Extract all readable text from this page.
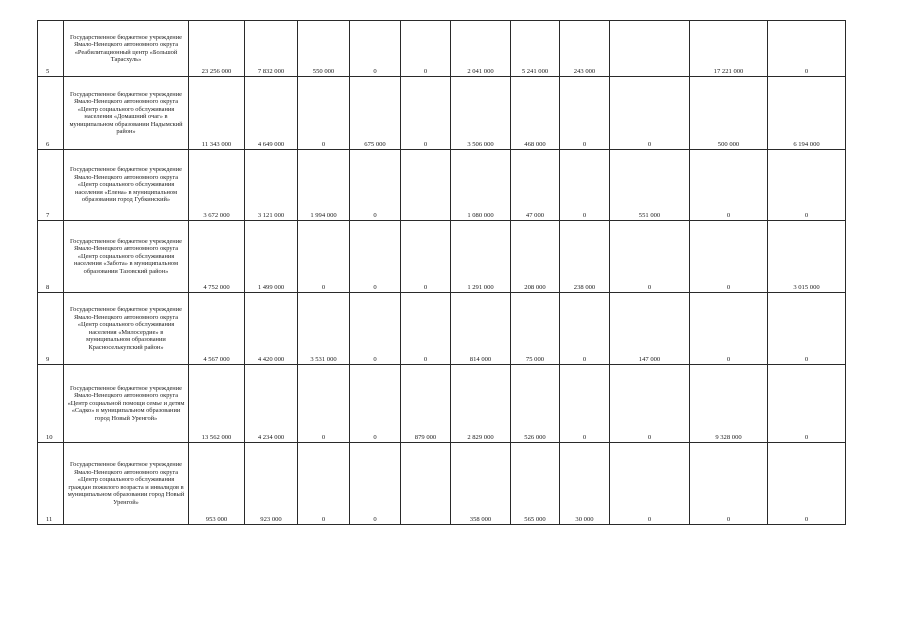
5	Государственное бюджетное учреждение Ямало-Ненецкого автономного округа «Реабилитационный центр «Большой Тарасхуль»	23 256 000	7 832 000	550 000	0	0	2 041 000	5 241 000	243 000		17 221 000	0
6	Государственное бюджетное учреждение Ямало-Ненецкого автономного округа «Центр социального обслуживания населения «Домашний очаг» в муниципальном образовании Надымский район»	11 343 000	4 649 000	0	675 000	0	3 506 000	468 000	0	0	500 000	6 194 000
7	Государственное бюджетное учреждение Ямало-Ненецкого автономного округа «Центр социального обслуживания населения «Елена» в муниципальном образовании город Губкинский»	3 672 000	3 121 000	1 994 000	0		1 080 000	47 000	0	551 000	0	0
8	Государственное бюджетное учреждение Ямало-Ненецкого автономного округа «Центр социального обслуживания населения «Забота» в муниципальном образовании Тазовский район»	4 752 000	1 499 000	0	0	0	1 291 000	208 000	238 000	0	0	3 015 000
9	Государственное бюджетное учреждение Ямало-Ненецкого автономного округа «Центр социального обслуживания населения «Милосердие» в муниципальном образовании Красноселькупский район»	4 567 000	4 420 000	3 531 000	0	0	814 000	75 000	0	147 000	0	0
10	Государственное бюджетное учреждение Ямало-Ненецкого автономного округа «Центр социальной помощи семье и детям «Садко» в муниципальном образовании город Новый Уренгой»	13 562 000	4 234 000	0	0	879 000	2 829 000	526 000	0	0	9 328 000	0
11	Государственное бюджетное учреждение Ямало-Ненецкого автономного округа «Центр социального обслуживания граждан пожилого возраста и инвалидов в муниципальном образовании город Новый Уренгой»	953 000	923 000	0	0		358 000	565 000	30 000	0	0	0
